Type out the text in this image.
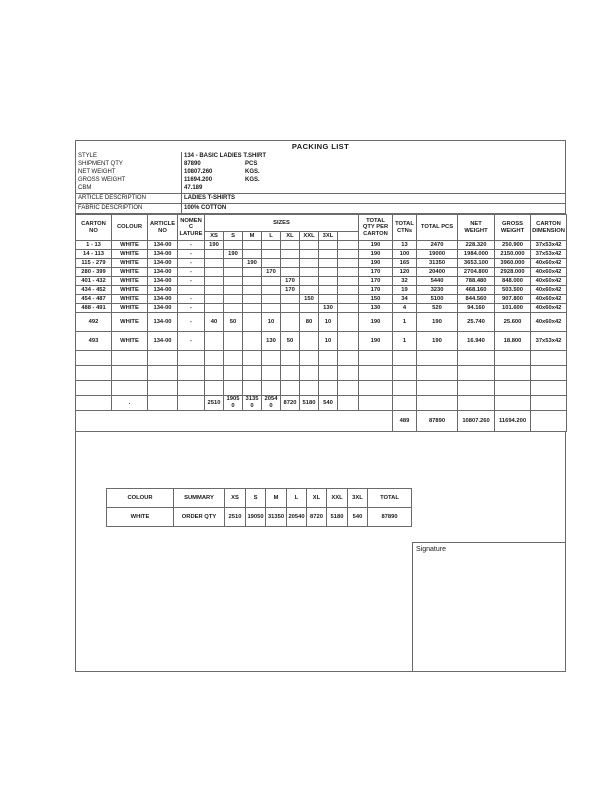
PACKING LIST
STYLE	134 - BASIC LADIES T.SHIRT
SHIPMENT QTY	87890	PCS
NET WEIGHT	10807.260	KGS.
GROSS WEIGHT	11694.200	KGS.
CBM	47.189
ARTICLE DESCRIPTION	LADIES T-SHIRTS
FABRIC DESCRIPTION	100% COTTON
CARTON NO	COLOUR	ARTICLE NO	NOMENC LATURE	SIZES								TOTAL QTY PER CARTON	TOTAL CTNs	TOTAL PCS	NET WEIGHT	GROSS WEIGHT	CARTON DIMENSION
				XS	S	M	L	XL	XXL	3XL							
1 - 13	WHITE	134-00	-	190								190	13	2470	228.320	250.900	37x53x42
14 - 113	WHITE	134-00	-		190							190	100	19000	1984.000	2150.000	37x53x42
115 - 279	WHITE	134-00	-			190						190	165	31350	3653.100	3960.000	40x60x42
280 - 399	WHITE	134-00	-				170					170	120	20400	2704.800	2928.000	40x60x42
401 - 432	WHITE	134-00	-					170				170	32	5440	788.480	848.000	40x60x42
434 - 452	WHITE	134-00						170				170	19	3230	468.160	503.500	40x60x42
454 - 487	WHITE	134-00	-						150			150	34	5100	844.560	907.800	40x60x42
488 - 491	WHITE	134-00	-							130		130	4	520	94.160	101.600	40x60x42
492	WHITE	134-00	-	40	50		10		80	10		190	1	190	25.740	25.600	40x60x42
493	WHITE	134-00	-				130	50		10		190	1	190	16.940	18.800	37x53x42

	.			2510	19050	31350	20540	8720	5180	540							
													489	87890	10807.260	11694.200	
COLOUR	SUMMARY	XS	S	M	L	XL	XXL	3XL	TOTAL
WHITE	ORDER QTY	2510	19050	31350	20540	8720	5180	540	87890
Signature
